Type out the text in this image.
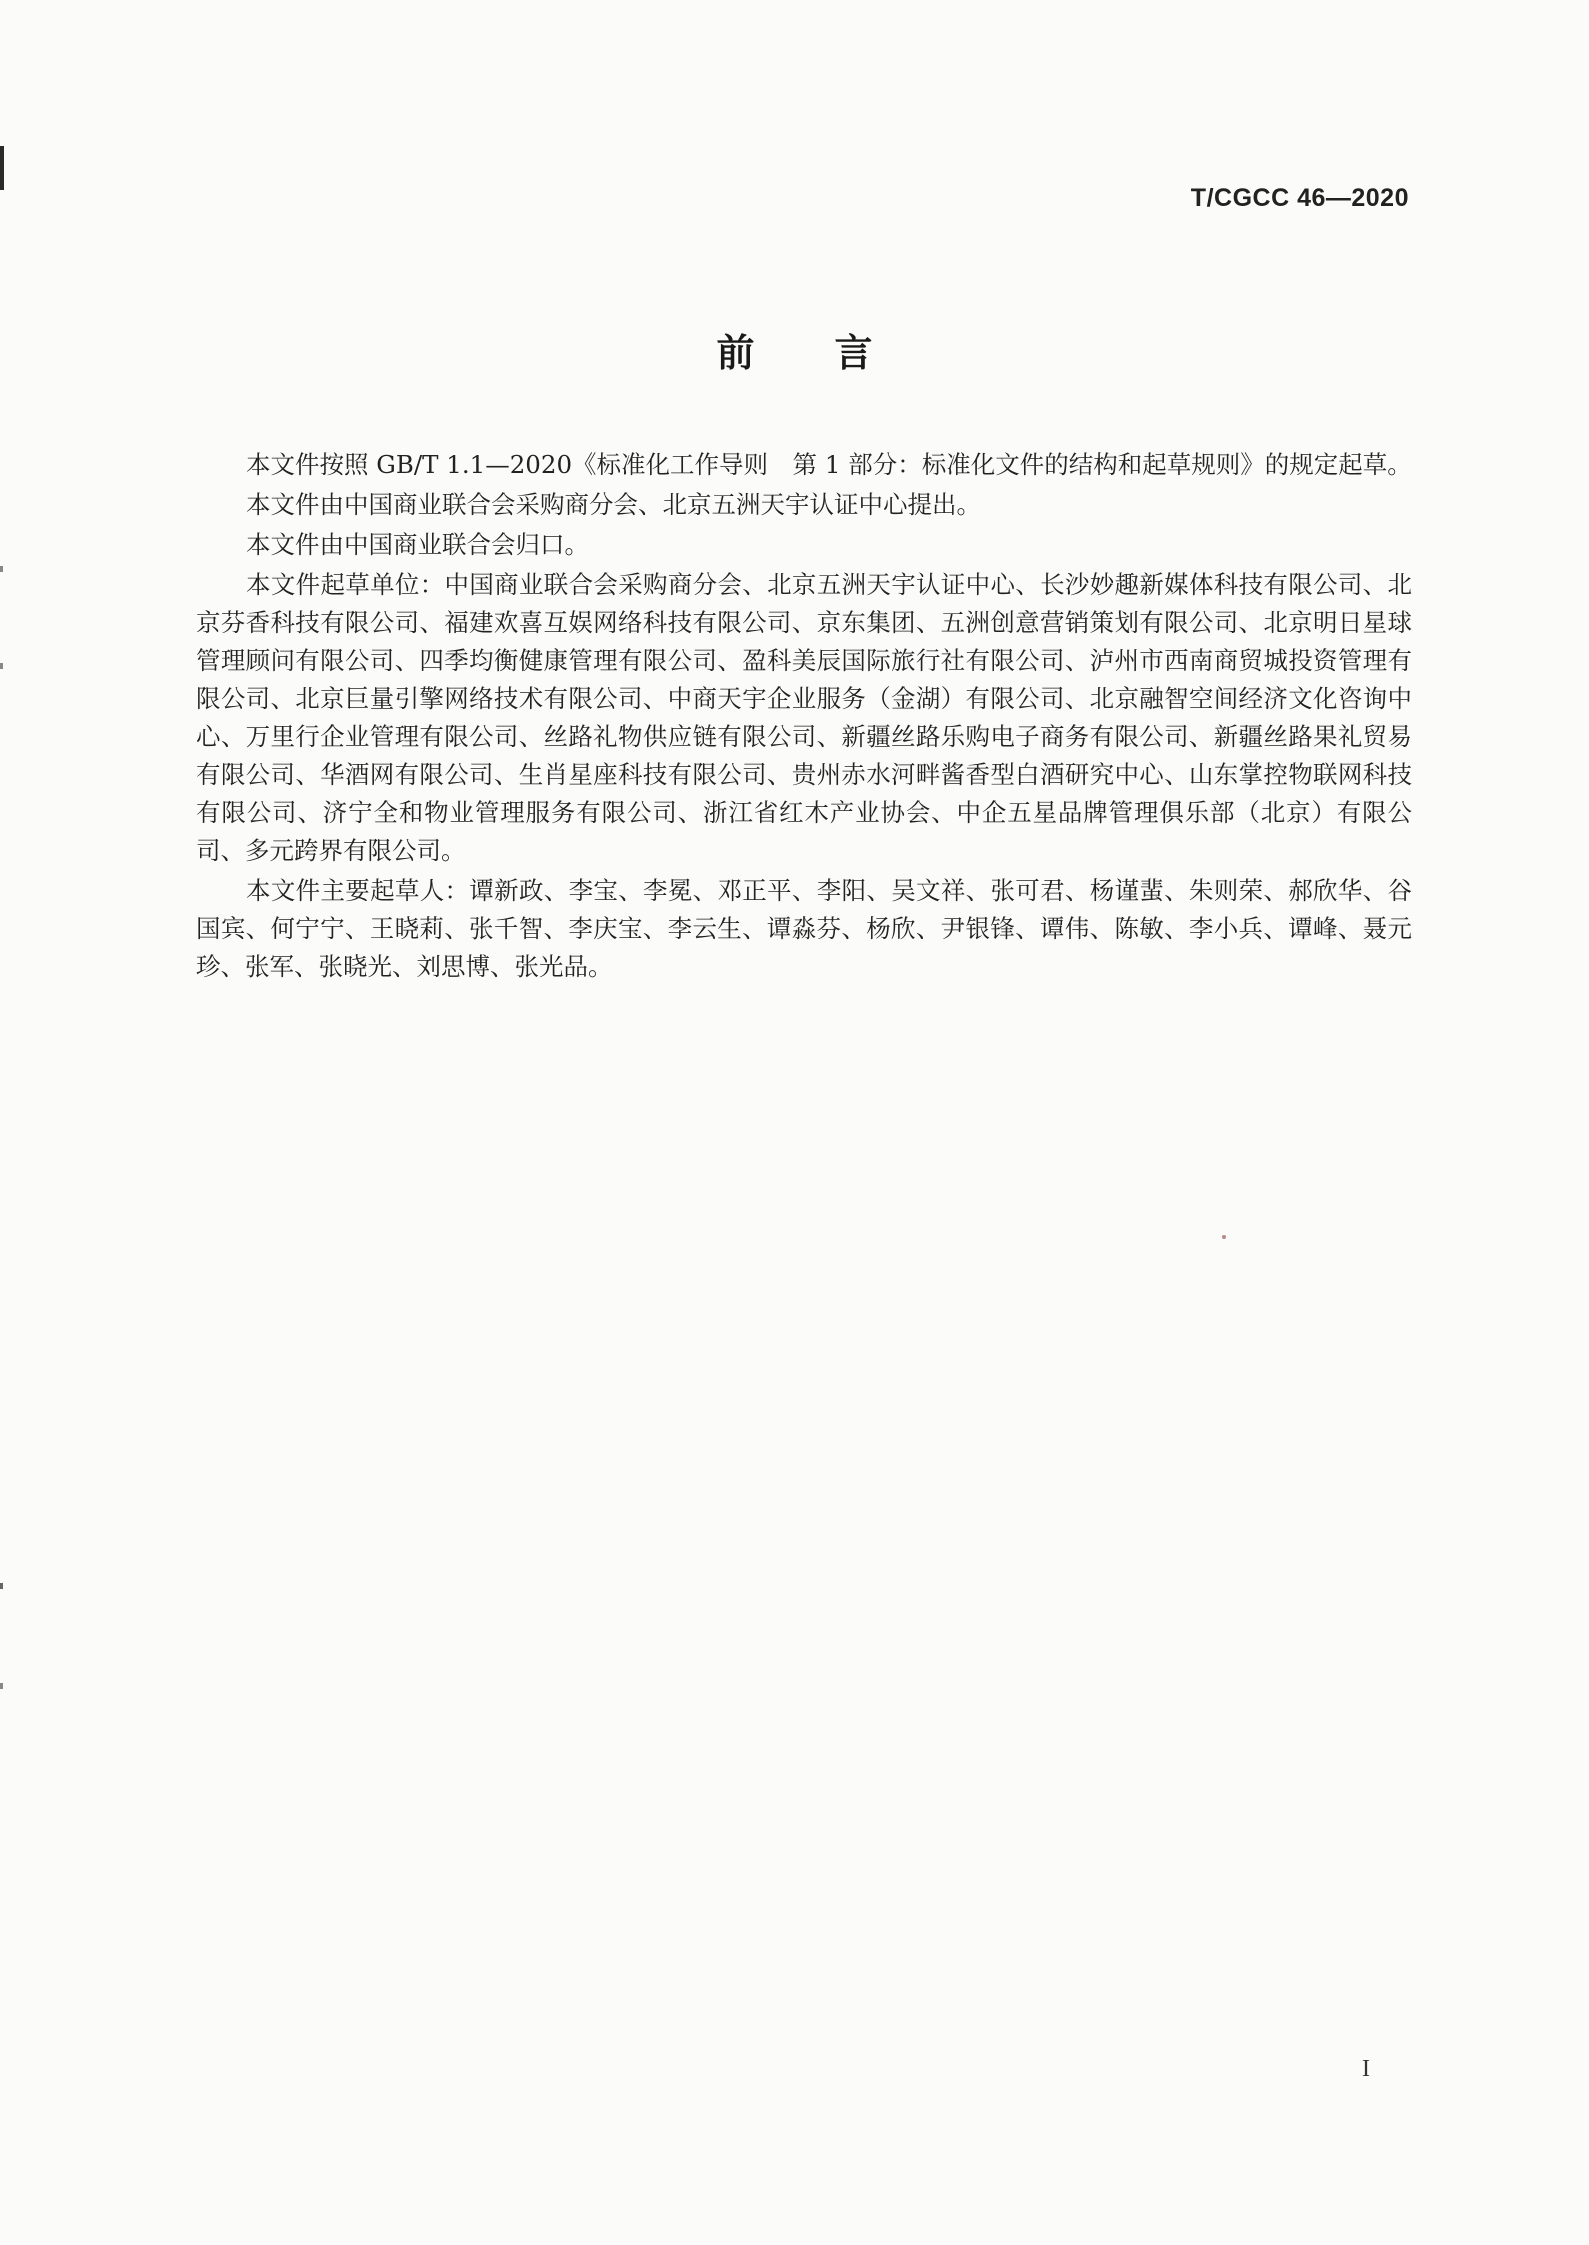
T/CGCC 46—2020
前言

本文件按照 GB/T 1.1—2020《标准化工作导则　第 1 部分：标准化文件的结构和起草规则》的规定起草。

本文件由中国商业联合会采购商分会、北京五洲天宇认证中心提出。

本文件由中国商业联合会归口。

本文件起草单位：中国商业联合会采购商分会、北京五洲天宇认证中心、长沙妙趣新媒体科技有限公司、北京芬香科技有限公司、福建欢喜互娱网络科技有限公司、京东集团、五洲创意营销策划有限公司、北京明日星球管理顾问有限公司、四季均衡健康管理有限公司、盈科美辰国际旅行社有限公司、泸州市西南商贸城投资管理有限公司、北京巨量引擎网络技术有限公司、中商天宇企业服务（金湖）有限公司、北京融智空间经济文化咨询中心、万里行企业管理有限公司、丝路礼物供应链有限公司、新疆丝路乐购电子商务有限公司、新疆丝路果礼贸易有限公司、华酒网有限公司、生肖星座科技有限公司、贵州赤水河畔酱香型白酒研究中心、山东掌控物联网科技有限公司、济宁全和物业管理服务有限公司、浙江省红木产业协会、中企五星品牌管理俱乐部（北京）有限公司、多元跨界有限公司。

本文件主要起草人：谭新政、李宝、李冕、邓正平、李阳、吴文祥、张可君、杨谨蜚、朱则荣、郝欣华、谷国宾、何宁宁、王晓莉、张千智、李庆宝、李云生、谭淼芬、杨欣、尹银锋、谭伟、陈敏、李小兵、谭峰、聂元珍、张军、张晓光、刘思博、张光品。

I
